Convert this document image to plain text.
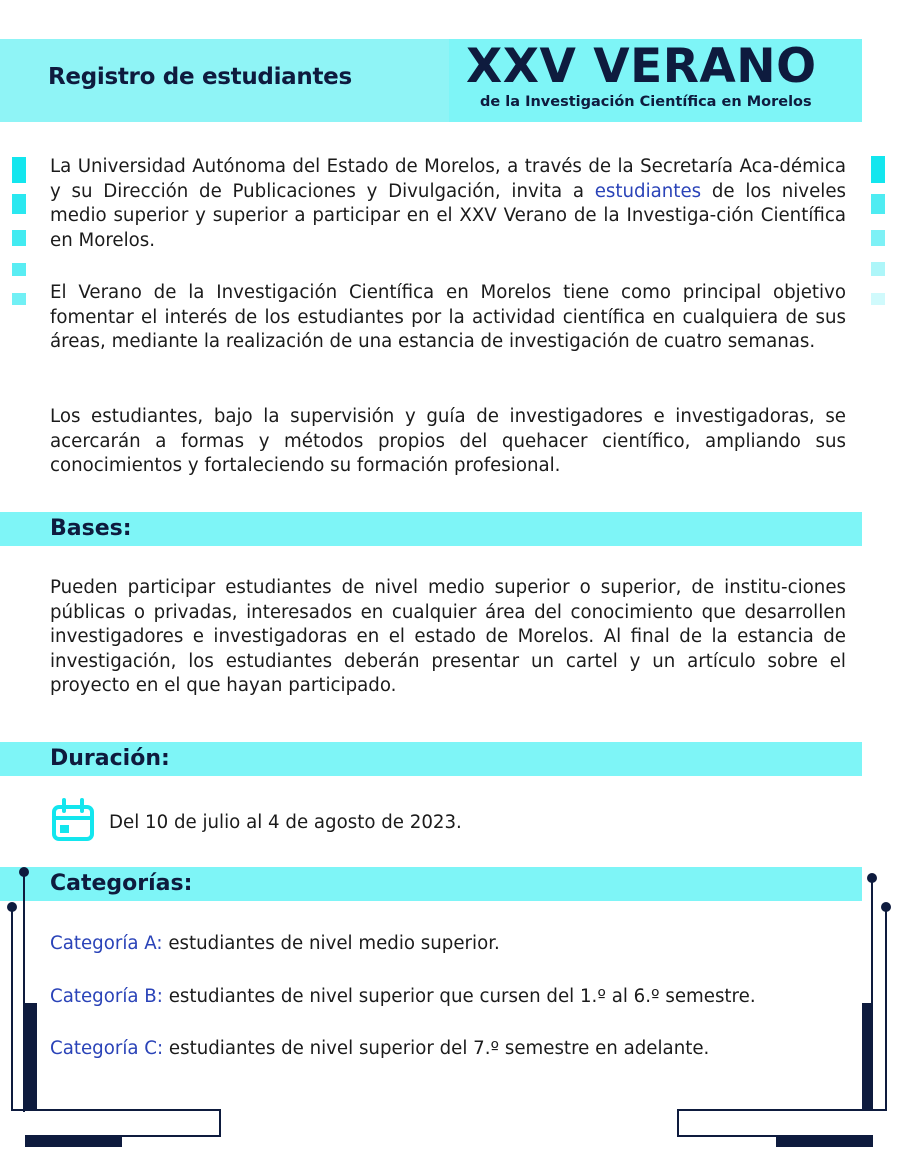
Registro de estudiantes XXV VERANO
de la Investigación Científica en Morelos

La Universidad Autónoma del Estado de Morelos, a través de la Secretaría Aca-démica y su Dirección de Publicaciones y Divulgación, invita a estudiantes de los niveles medio superior y superior a participar en el XXV Verano de la Investiga-ción Científica en Morelos.

El Verano de la Investigación Científica en Morelos tiene como principal objetivo fomentar el interés de los estudiantes por la actividad científica en cualquiera de sus áreas, mediante la realización de una estancia de investigación de cuatro semanas.

Los estudiantes, bajo la supervisión y guía de investigadores e investigadoras, se acercarán a formas y métodos propios del quehacer científico, ampliando sus conocimientos y fortaleciendo su formación profesional.

Bases:

Pueden participar estudiantes de nivel medio superior o superior, de institu-ciones públicas o privadas, interesados en cualquier área del conocimiento que desarrollen investigadores e investigadoras en el estado de Morelos. Al final de la estancia de investigación, los estudiantes deberán presentar un cartel y un artículo sobre el proyecto en el que hayan participado.

Duración:
Del 10 de julio al 4 de agosto de 2023.
Categorías:
Categoría A: estudiantes de nivel medio superior.
Categoría B: estudiantes de nivel superior que cursen del 1.º al 6.º semestre.
Categoría C: estudiantes de nivel superior del 7.º semestre en adelante.
